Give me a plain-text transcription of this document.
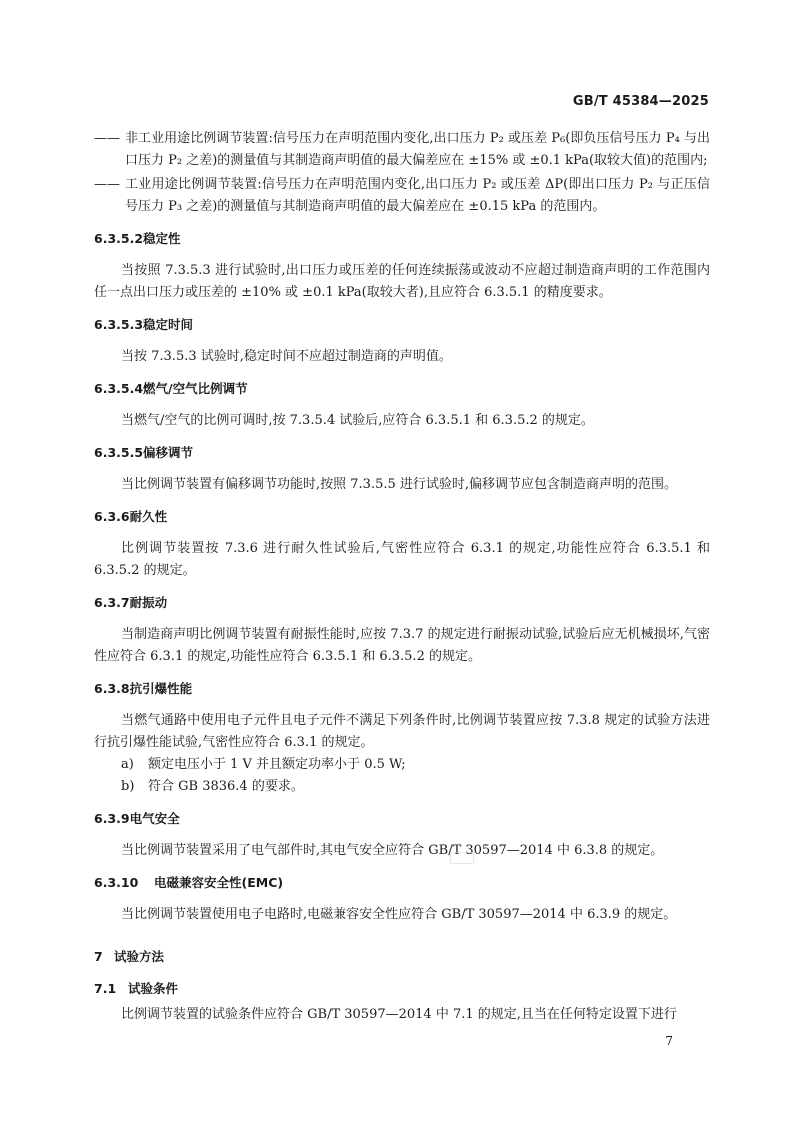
GB/T 45384—2025

—— 非工业用途比例调节装置:信号压力在声明范围内变化,出口压力 P₂ 或压差 P₆(即负压信号压力 P₄ 与出口压力 P₂ 之差)的测量值与其制造商声明值的最大偏差应在 ±15% 或 ±0.1 kPa(取较大值)的范围内;

—— 工业用途比例调节装置:信号压力在声明范围内变化,出口压力 P₂ 或压差 ΔP(即出口压力 P₂ 与正压信号压力 P₃ 之差)的测量值与其制造商声明值的最大偏差应在 ±0.15 kPa 的范围内。

6.3.5.2稳定性

当按照 7.3.5.3 进行试验时,出口压力或压差的任何连续振荡或波动不应超过制造商声明的工作范围内任一点出口压力或压差的 ±10% 或 ±0.1 kPa(取较大者),且应符合 6.3.5.1 的精度要求。

6.3.5.3稳定时间

当按 7.3.5.3 试验时,稳定时间不应超过制造商的声明值。

6.3.5.4燃气/空气比例调节

当燃气/空气的比例可调时,按 7.3.5.4 试验后,应符合 6.3.5.1 和 6.3.5.2 的规定。

6.3.5.5偏移调节

当比例调节装置有偏移调节功能时,按照 7.3.5.5 进行试验时,偏移调节应包含制造商声明的范围。

6.3.6耐久性

比例调节装置按 7.3.6 进行耐久性试验后,气密性应符合 6.3.1 的规定,功能性应符合 6.3.5.1 和 6.3.5.2 的规定。

6.3.7耐振动

当制造商声明比例调节装置有耐振性能时,应按 7.3.7 的规定进行耐振动试验,试验后应无机械损坏,气密性应符合 6.3.1 的规定,功能性应符合 6.3.5.1 和 6.3.5.2 的规定。

6.3.8抗引爆性能

当燃气通路中使用电子元件且电子元件不满足下列条件时,比例调节装置应按 7.3.8 规定的试验方法进行抗引爆性能试验,气密性应符合 6.3.1 的规定。

a) 额定电压小于 1 V 并且额定功率小于 0.5 W;

b) 符合 GB 3836.4 的要求。

6.3.9电气安全

当比例调节装置采用了电气部件时,其电气安全应符合 GB/T 30597—2014 中 6.3.8 的规定。

6.3.10 电磁兼容安全性(EMC)

当比例调节装置使用电子电路时,电磁兼容安全性应符合 GB/T 30597—2014 中 6.3.9 的规定。

7 试验方法
7.1 试验条件

比例调节装置的试验条件应符合 GB/T 30597—2014 中 7.1 的规定,且当在任何特定设置下进行

7
